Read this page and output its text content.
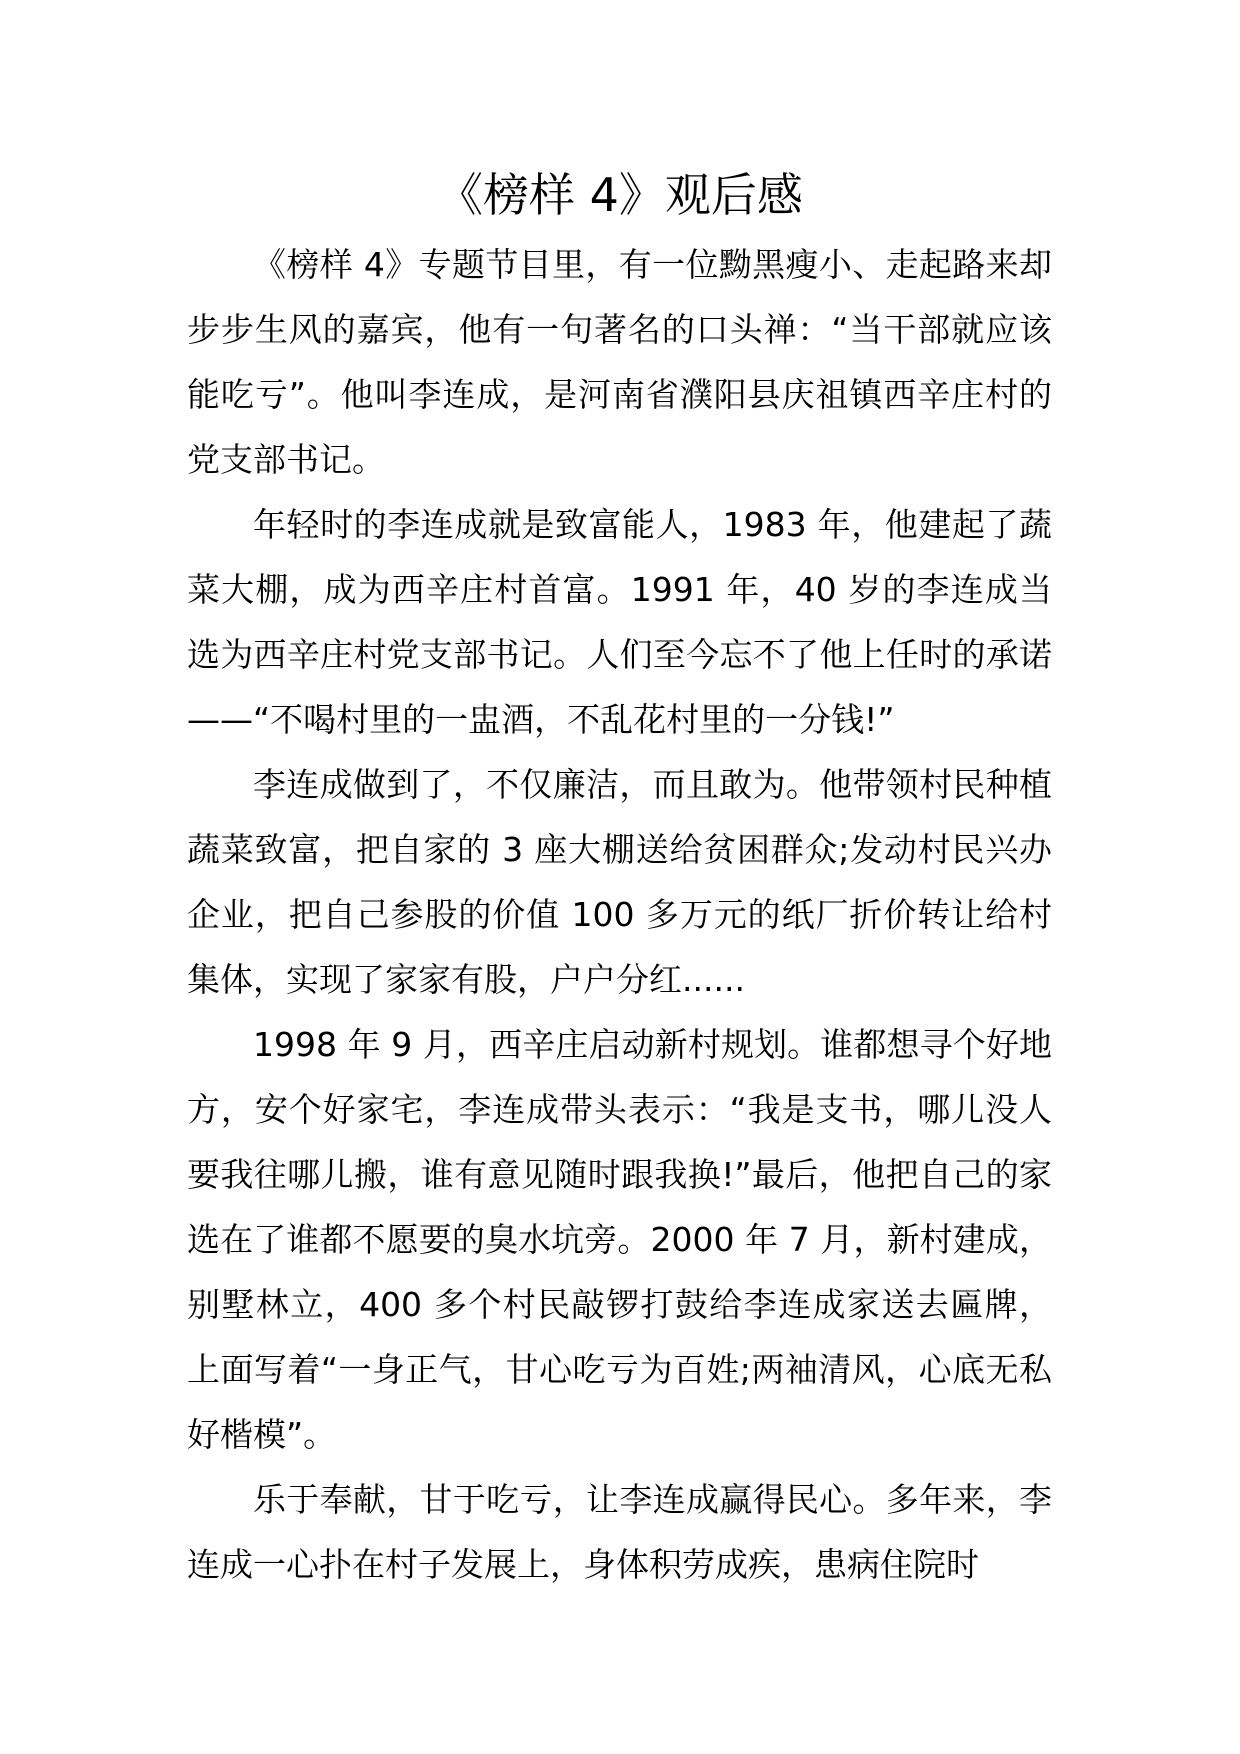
《榜样 4》观后感

《榜样 4》专题节目里，有一位黝黑瘦小、走起路来却步步生风的嘉宾，他有一句著名的口头禅：“当干部就应该能吃亏”。他叫李连成，是河南省濮阳县庆祖镇西辛庄村的党支部书记。

年轻时的李连成就是致富能人，1983 年，他建起了蔬菜大棚，成为西辛庄村首富。1991 年，40 岁的李连成当选为西辛庄村党支部书记。人们至今忘不了他上任时的承诺——“不喝村里的一盅酒，不乱花村里的一分钱!”

李连成做到了，不仅廉洁，而且敢为。他带领村民种植蔬菜致富，把自家的 3 座大棚送给贫困群众;发动村民兴办企业，把自己参股的价值 100 多万元的纸厂折价转让给村集体，实现了家家有股，户户分红......

1998 年 9 月，西辛庄启动新村规划。谁都想寻个好地方，安个好家宅，李连成带头表示：“我是支书，哪儿没人要我往哪儿搬，谁有意见随时跟我换!”最后，他把自己的家选在了谁都不愿要的臭水坑旁。2000 年 7 月，新村建成，别墅林立，400 多个村民敲锣打鼓给李连成家送去匾牌，上面写着“一身正气，甘心吃亏为百姓;两袖清风，心底无私好楷模”。

乐于奉献，甘于吃亏，让李连成赢得民心。多年来，李连成一心扑在村子发展上，身体积劳成疾，患病住院时
